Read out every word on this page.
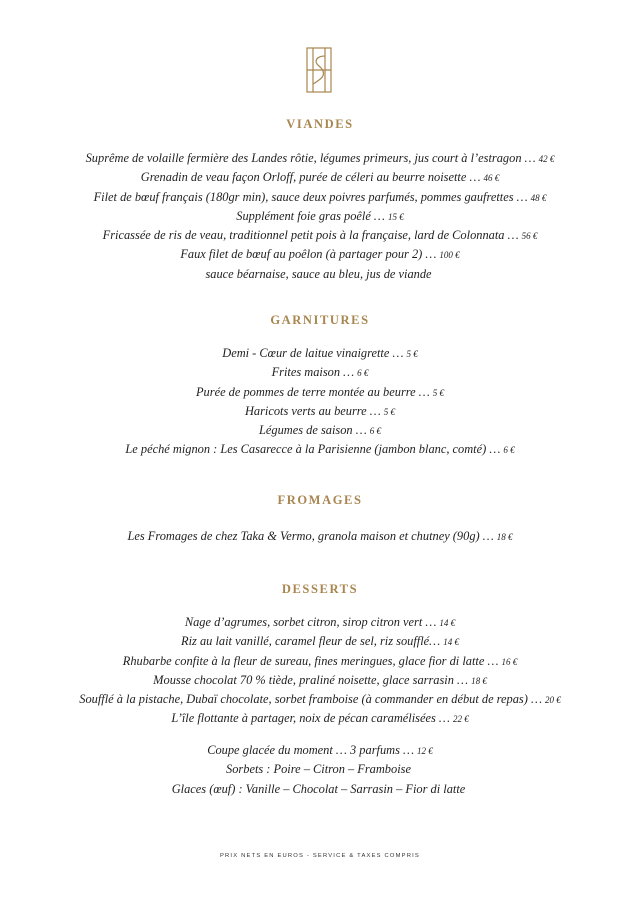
VIANDES
Suprême de volaille fermière des Landes rôtie, légumes primeurs, jus court à l’estragon … 42 €
Grenadin de veau façon Orloff, purée de céleri au beurre noisette … 46 €
Filet de bœuf français (180gr min), sauce deux poivres parfumés, pommes gaufrettes … 48 €
Supplément foie gras poêlé … 15 €
Fricassée de ris de veau, traditionnel petit pois à la française, lard de Colonnata … 56 €
Faux filet de bœuf au poêlon (à partager pour 2) … 100 €
sauce béarnaise, sauce au bleu, jus de viande
GARNITURES
Demi - Cœur de laitue vinaigrette … 5 €
Frites maison … 6 €
Purée de pommes de terre montée au beurre … 5 €
Haricots verts au beurre … 5 €
Légumes de saison … 6 €
Le péché mignon : Les Casarecce à la Parisienne (jambon blanc, comté) … 6 €
FROMAGES
Les Fromages de chez Taka & Vermo, granola maison et chutney (90g) … 18 €
DESSERTS
Nage d’agrumes, sorbet citron, sirop citron vert … 14 €
Riz au lait vanillé, caramel fleur de sel, riz soufflé… 14 €
Rhubarbe confite à la fleur de sureau, fines meringues, glace fior di latte … 16 €
Mousse chocolat 70 % tiède, praliné noisette, glace sarrasin … 18 €
Soufflé à la pistache, Dubaï chocolate, sorbet framboise (à commander en début de repas) … 20 €
L’île flottante à partager, noix de pécan caramélisées … 22 €
Coupe glacée du moment … 3 parfums … 12 €
Sorbets : Poire – Citron – Framboise
Glaces (œuf) : Vanille – Chocolat – Sarrasin – Fior di latte
PRIX NETS EN EUROS - SERVICE & TAXES COMPRIS
